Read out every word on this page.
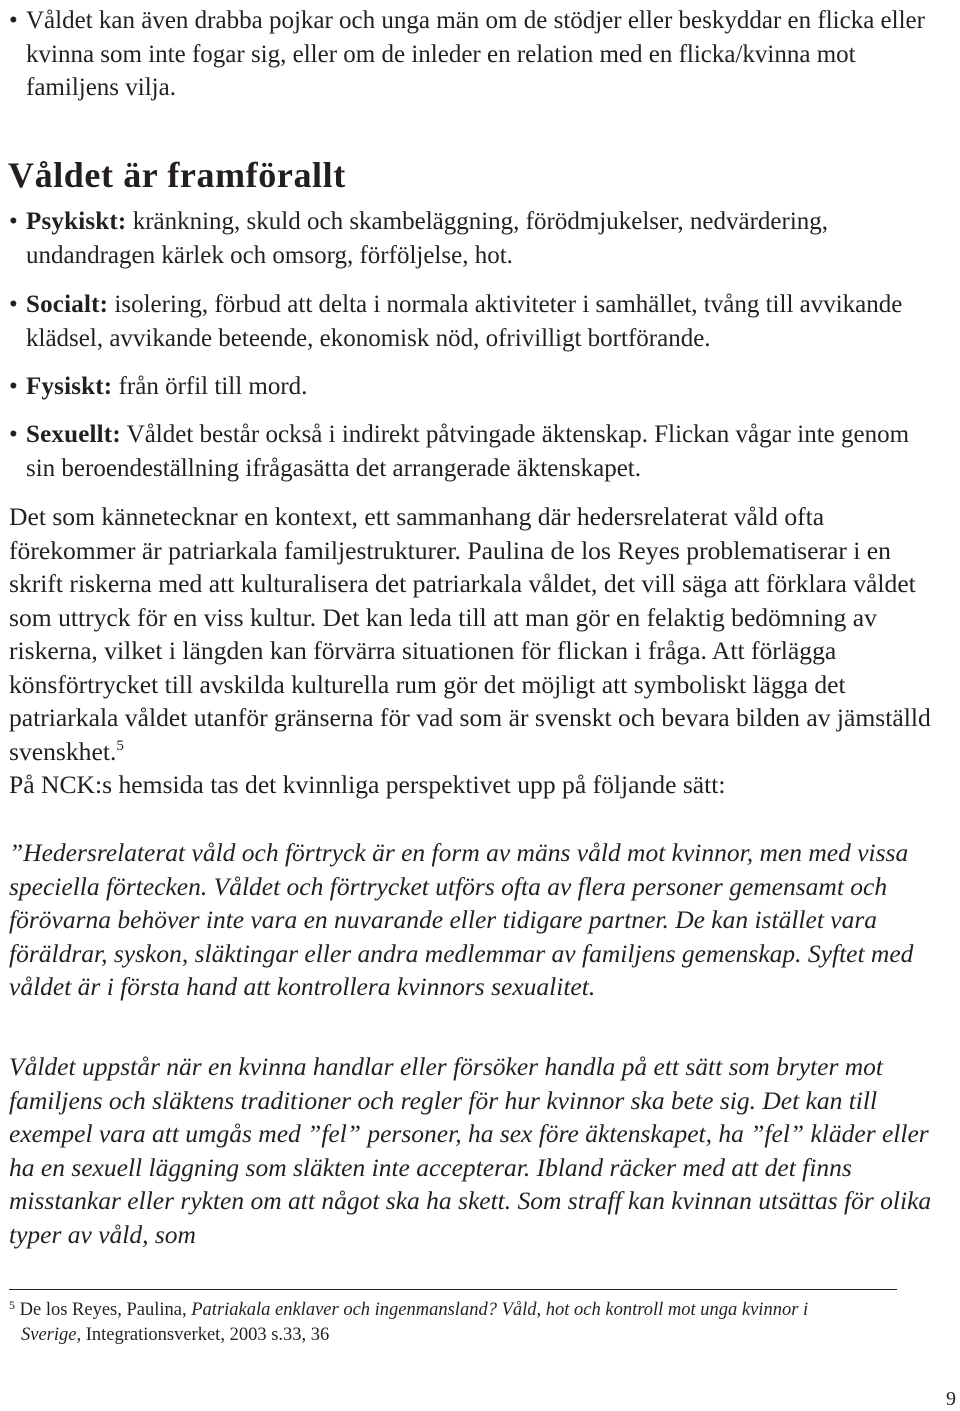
• Våldet kan även drabba pojkar och unga män om de stödjer eller beskyddar en flicka eller kvinna som inte fogar sig, eller om de inleder en relation med en flicka/kvinna mot familjens vilja.
Våldet är framförallt
• Psykiskt: kränkning, skuld och skambeläggning, förödmjukelser, nedvärdering, undandragen kärlek och omsorg, förföljelse, hot.
• Socialt: isolering, förbud att delta i normala aktiviteter i samhället, tvång till avvikande klädsel, avvikande beteende, ekonomisk nöd, ofrivilligt bortförande.
• Fysiskt: från örfil till mord.
• Sexuellt: Våldet består också i indirekt påtvingade äktenskap. Flickan vågar inte genom sin beroendeställning ifrågasätta det arrangerade äktenskapet.

Det som kännetecknar en kontext, ett sammanhang där hedersrelaterat våld ofta förekommer är patriarkala familjestrukturer. Paulina de los Reyes problematiserar i en skrift riskerna med att kulturalisera det patriarkala våldet, det vill säga att förklara våldet som uttryck för en viss kultur. Det kan leda till att man gör en felaktig bedömning av riskerna, vilket i längden kan förvärra situationen för flickan i fråga. Att förlägga könsförtrycket till avskilda kulturella rum gör det möjligt att symboliskt lägga det patriarkala våldet utanför gränserna för vad som är svenskt och bevara bilden av jämställd svenskhet.$^5$

På NCK:s hemsida tas det kvinnliga perspektivet upp på följande sätt:

”Hedersrelaterat våld och förtryck är en form av mäns våld mot kvinnor, men med vissa speciella förtecken. Våldet och förtrycket utförs ofta av flera personer gemensamt och förövarna behöver inte vara en nuvarande eller tidigare partner. De kan istället vara föräldrar, syskon, släktingar eller andra medlemmar av familjens gemenskap. Syftet med våldet är i första hand att kontrollera kvinnors sexualitet.

Våldet uppstår när en kvinna handlar eller försöker handla på ett sätt som bryter mot familjens och släktens traditioner och regler för hur kvinnor ska bete sig. Det kan till exempel vara att umgås med ”fel” personer, ha sex före äktenskapet, ha ”fel” kläder eller ha en sexuell läggning som släkten inte accepterar. Ibland räcker med att det finns misstankar eller rykten om att något ska ha skett. Som straff kan kvinnan utsättas för olika typer av våld, som

$^5$ De los Reyes, Paulina, Patriakala enklaver och ingenmansland? Våld, hot och kontroll mot unga kvinnor i
Sverige, Integrationsverket, 2003 s.33, 36

9
